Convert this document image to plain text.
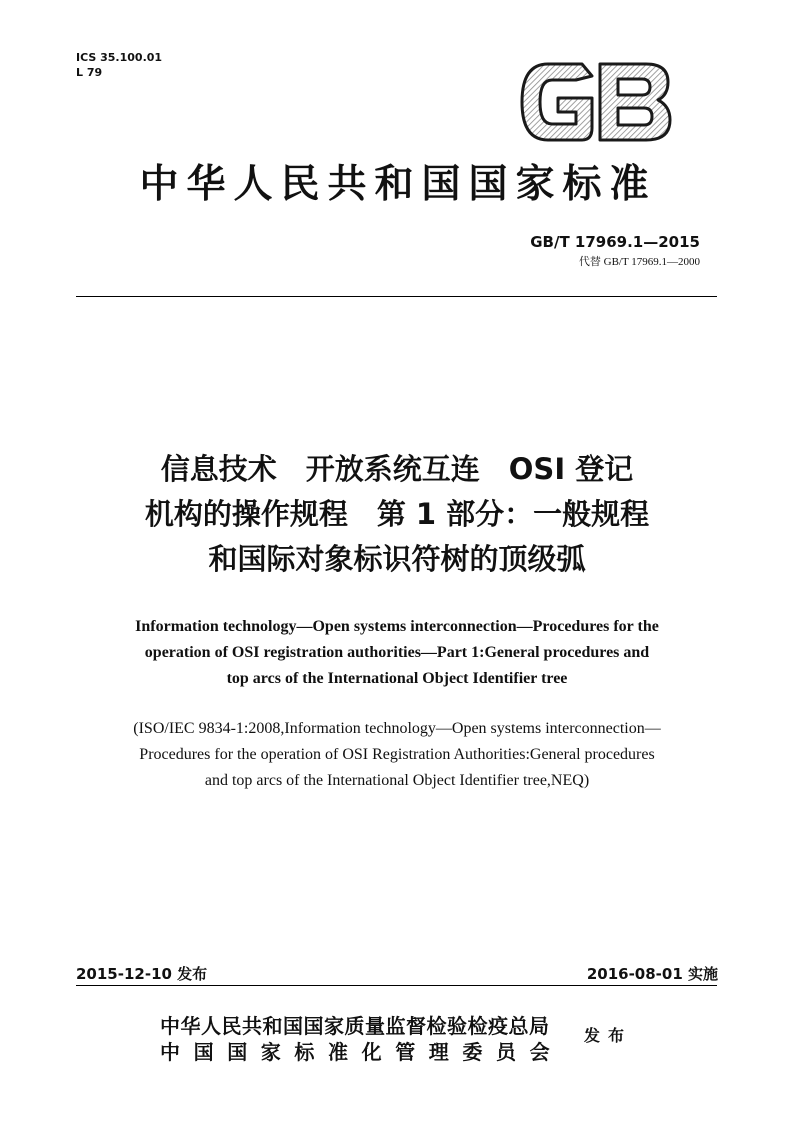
ICS 35.100.01
L 79
中华人民共和国国家标准
GB/T 17969.1—2015
代替 GB/T 17969.1—2000
信息技术　开放系统互连　OSI 登记
机构的操作规程　第 1 部分：一般规程
和国际对象标识符树的顶级弧
Information technology—Open systems interconnection—Procedures for the
operation of OSI registration authorities—Part 1:General procedures and
top arcs of the International Object Identifier tree
(ISO/IEC 9834-1:2008,Information technology—Open systems interconnection—
Procedures for the operation of OSI Registration Authorities:General procedures
and top arcs of the International Object Identifier tree,NEQ)
2015-12-10 发布	2016-08-01 实施
中华人民共和国国家质量监督检验检疫总局
中国国家标准化管理委员会
发布
